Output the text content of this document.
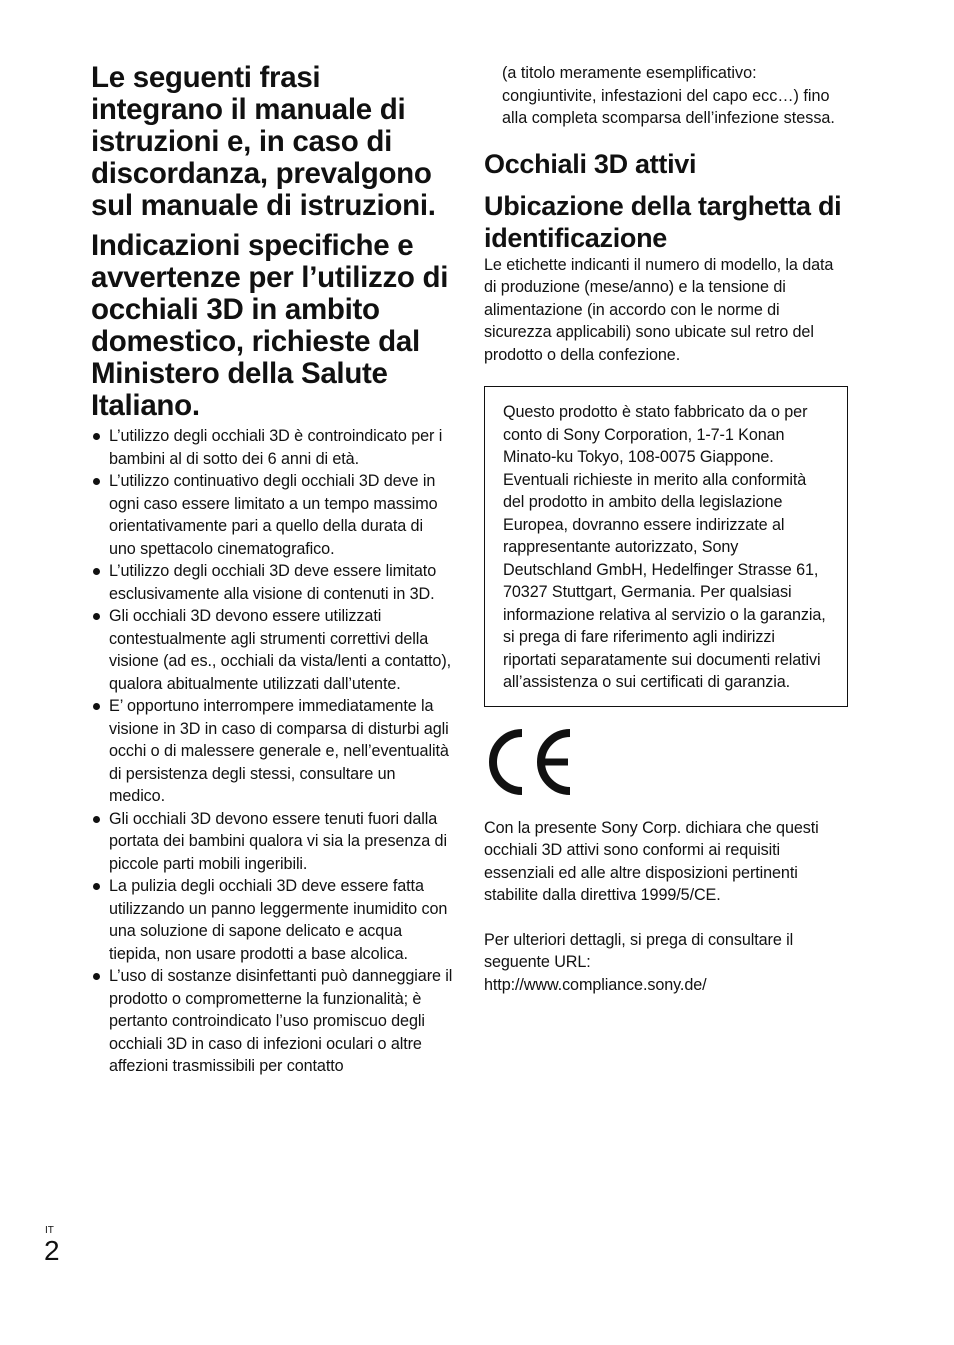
Le seguenti frasi integrano il manuale di istruzioni e, in caso di discordanza, prevalgono sul manuale di istruzioni.
Indicazioni specifiche e avvertenze per l’utilizzo di occhiali 3D in ambito domestico, richieste dal Ministero della Salute Italiano.
L’utilizzo degli occhiali 3D è controindicato per i bambini al di sotto dei 6 anni di età.
L’utilizzo continuativo degli occhiali 3D deve in ogni caso essere limitato a un tempo massimo orientativamente pari a quello della durata di uno spettacolo cinematografico.
L’utilizzo degli occhiali 3D deve essere limitato esclusivamente alla visione di contenuti in 3D.
Gli occhiali 3D devono essere utilizzati contestualmente agli strumenti correttivi della visione (ad es., occhiali da vista/lenti a contatto), qualora abitualmente utilizzati dall’utente.
E’ opportuno interrompere immediatamente la visione in 3D in caso di comparsa di disturbi agli occhi o di malessere generale e, nell’eventualità di persistenza degli stessi, consultare un medico.
Gli occhiali 3D devono essere tenuti fuori dalla portata dei bambini qualora vi sia la presenza di piccole parti mobili ingeribili.
La pulizia degli occhiali 3D deve essere fatta utilizzando un panno leggermente inumidito con una soluzione di sapone delicato e acqua tiepida, non usare prodotti a base alcolica.
L’uso di sostanze disinfettanti può danneggiare il prodotto o comprometterne la funzionalità; è pertanto controindicato l’uso promiscuo degli occhiali 3D in caso di infezioni oculari o altre affezioni trasmissibili per contatto

(a titolo meramente esemplificativo: congiuntivite, infestazioni del capo ecc…) fino alla completa scomparsa dell’infezione stessa.

Occhiali 3D attivi
Ubicazione della targhetta di identificazione

Le etichette indicanti il numero di modello, la data di produzione (mese/anno) e la tensione di alimentazione (in accordo con le norme di sicurezza applicabili) sono ubicate sul retro del prodotto o della confezione.

Questo prodotto è stato fabbricato da o per conto di Sony Corporation, 1-7-1 Konan Minato-ku Tokyo, 108-0075 Giappone. Eventuali richieste in merito alla conformità del prodotto in ambito della legislazione Europea, dovranno essere indirizzate al rappresentante autorizzato, Sony Deutschland GmbH, Hedelfinger Strasse 61, 70327 Stuttgart, Germania. Per qualsiasi informazione relativa al servizio o la garanzia, si prega di fare riferimento agli indirizzi riportati separatamente sui documenti relativi all’assistenza o sui certificati di garanzia.

Con la presente Sony Corp. dichiara che questi occhiali 3D attivi sono conformi ai requisiti essenziali ed alle altre disposizioni pertinenti stabilite dalla direttiva 1999/5/CE.

Per ulteriori dettagli, si prega di consultare il seguente URL:
http://www.compliance.sony.de/

IT
2
